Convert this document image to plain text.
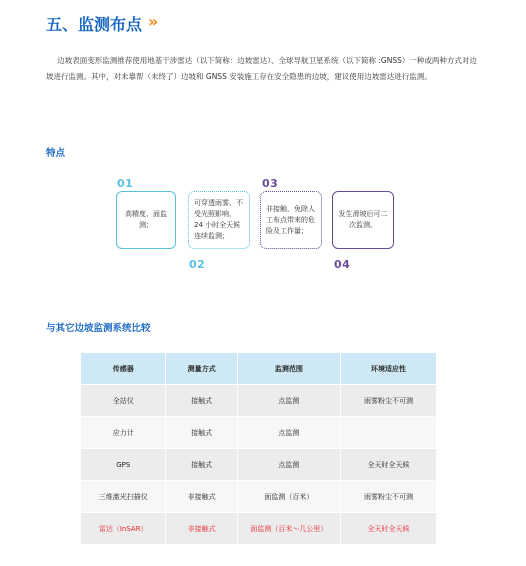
五、监测布点 »

边坡表面变形监测推荐使用地基干涉雷达（以下简称：边坡雷达）、全球导航卫星系统（以下简称 :GNSS）一种或两种方式对边坡进行监测。其中，对未靠帮（未终了）边坡和 GNSS 安装施工存在安全隐患的边坡，建议使用边坡雷达进行监测。

特点
01
高精度、面监测；
可穿透雨雾、不受光照影响，24 小时全天候连续监测；
02
03
非接触，免除人工布点带来的危险及工作量；
发生滑坡后可二次监测。
04
与其它边坡监测系统比较
传感器	测量方式	监测范围	环境适应性
全站仪	接触式	点监测	雨雾粉尘不可测
应力计	接触式	点监测	
GPS	接触式	点监测	全天时全天候
三维激光扫描仪	非接触式	面监测（百米）	雨雾粉尘不可测
雷达（InSAR）	非接触式	面监测（百米～几公里）	全天时全天候
